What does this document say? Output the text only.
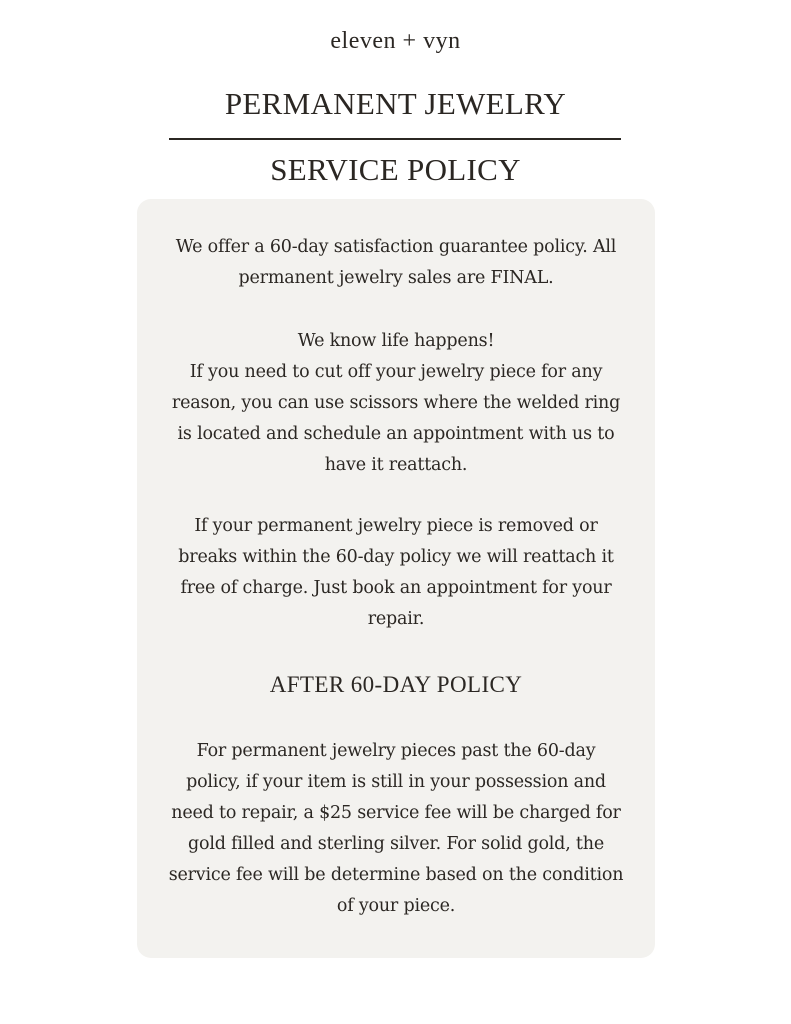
eleven + vyn
PERMANENT JEWELRY
SERVICE POLICY

We offer a 60-day satisfaction guarantee policy. All
permanent jewelry sales are FINAL.

We know life happens!
If you need to cut off your jewelry piece for any
reason, you can use scissors where the welded ring
is located and schedule an appointment with us to
have it reattach.

If your permanent jewelry piece is removed or
breaks within the 60-day policy we will reattach it
free of charge. Just book an appointment for your
repair.

AFTER 60-DAY POLICY

For permanent jewelry pieces past the 60-day
policy, if your item is still in your possession and
need to repair, a $25 service fee will be charged for
gold filled and sterling silver. For solid gold, the
service fee will be determine based on the condition
of your piece.
